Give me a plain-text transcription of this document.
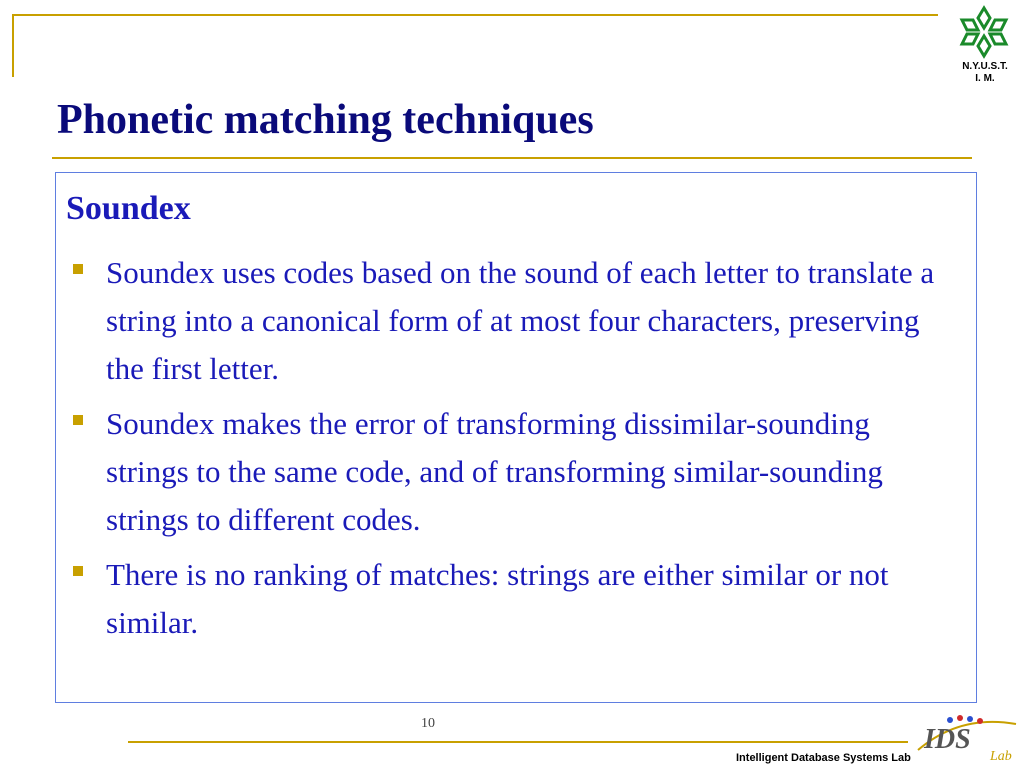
N.Y.U.S.T.
I. M.
Phonetic matching techniques
Soundex
Soundex uses codes based on the sound of each letter to translate a string into a canonical form of at most four characters, preserving the first letter.
Soundex makes the error of transforming dissimilar-sounding strings to the same code, and of transforming similar-sounding strings to different codes.
There is no ranking of matches: strings are either similar or not similar.
10
IDS
Lab
Intelligent Database Systems Lab
